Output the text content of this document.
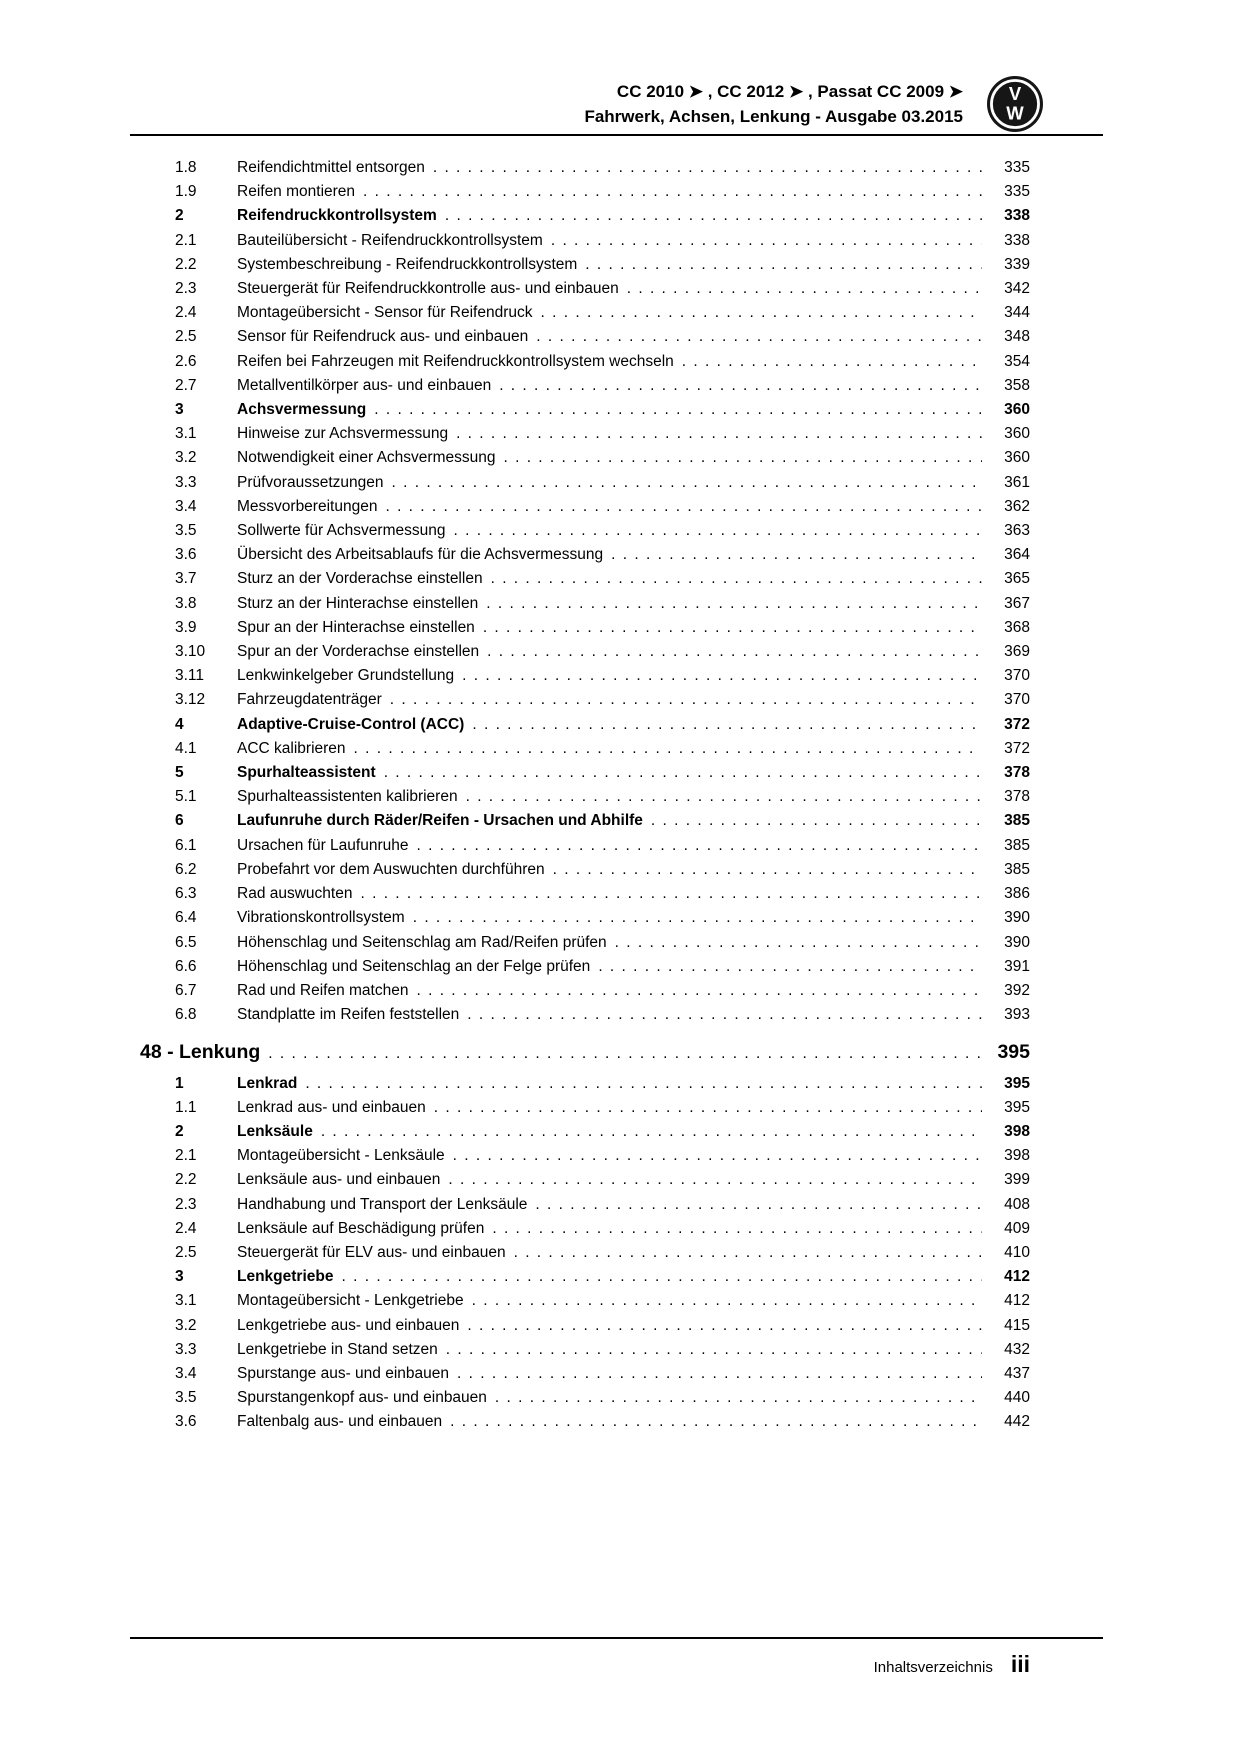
CC 2010 ➤ , CC 2012 ➤ , Passat CC 2009 ➤
Fahrwerk, Achsen, Lenkung - Ausgabe 03.2015
V
W
1.8	Reifendichtmittel entsorgen . . .	335
1.9	Reifen montieren . . .	335
2	Reifendruckkontrollsystem . . .	338
2.1	Bauteilübersicht - Reifendruckkontrollsystem . . .	338
2.2	Systembeschreibung - Reifendruckkontrollsystem . . .	339
2.3	Steuergerät für Reifendruckkontrolle aus- und einbauen . . .	342
2.4	Montageübersicht - Sensor für Reifendruck . . .	344
2.5	Sensor für Reifendruck aus- und einbauen . . .	348
2.6	Reifen bei Fahrzeugen mit Reifendruckkontrollsystem wechseln . . .	354
2.7	Metallventilkörper aus- und einbauen . . .	358
3	Achsvermessung . . .	360
3.1	Hinweise zur Achsvermessung . . .	360
3.2	Notwendigkeit einer Achsvermessung . . .	360
3.3	Prüfvoraussetzungen . . .	361
3.4	Messvorbereitungen . . .	362
3.5	Sollwerte für Achsvermessung . . .	363
3.6	Übersicht des Arbeitsablaufs für die Achsvermessung . . .	364
3.7	Sturz an der Vorderachse einstellen . . .	365
3.8	Sturz an der Hinterachse einstellen . . .	367
3.9	Spur an der Hinterachse einstellen . . .	368
3.10	Spur an der Vorderachse einstellen . . .	369
3.11	Lenkwinkelgeber Grundstellung . . .	370
3.12	Fahrzeugdatenträger . . .	370
4	Adaptive-Cruise-Control (ACC) . . .	372
4.1	ACC kalibrieren . . .	372
5	Spurhalteassistent . . .	378
5.1	Spurhalteassistenten kalibrieren . . .	378
6	Laufunruhe durch Räder/Reifen - Ursachen und Abhilfe . . .	385
6.1	Ursachen für Laufunruhe . . .	385
6.2	Probefahrt vor dem Auswuchten durchführen . . .	385
6.3	Rad auswuchten . . .	386
6.4	Vibrationskontrollsystem . . .	390
6.5	Höhenschlag und Seitenschlag am Rad/Reifen prüfen . . .	390
6.6	Höhenschlag und Seitenschlag an der Felge prüfen . . .	391
6.7	Rad und Reifen matchen . . .	392
6.8	Standplatte im Reifen feststellen . . .	393
48 - Lenkung . . .	395
1	Lenkrad . . .	395
1.1	Lenkrad aus- und einbauen . . .	395
2	Lenksäule . . .	398
2.1	Montageübersicht - Lenksäule . . .	398
2.2	Lenksäule aus- und einbauen . . .	399
2.3	Handhabung und Transport der Lenksäule . . .	408
2.4	Lenksäule auf Beschädigung prüfen . . .	409
2.5	Steuergerät für ELV aus- und einbauen . . .	410
3	Lenkgetriebe . . .	412
3.1	Montageübersicht - Lenkgetriebe . . .	412
3.2	Lenkgetriebe aus- und einbauen . . .	415
3.3	Lenkgetriebe in Stand setzen . . .	432
3.4	Spurstange aus- und einbauen . . .	437
3.5	Spurstangenkopf aus- und einbauen . . .	440
3.6	Faltenbalg aus- und einbauen . . .	442
Inhaltsverzeichnis iii
